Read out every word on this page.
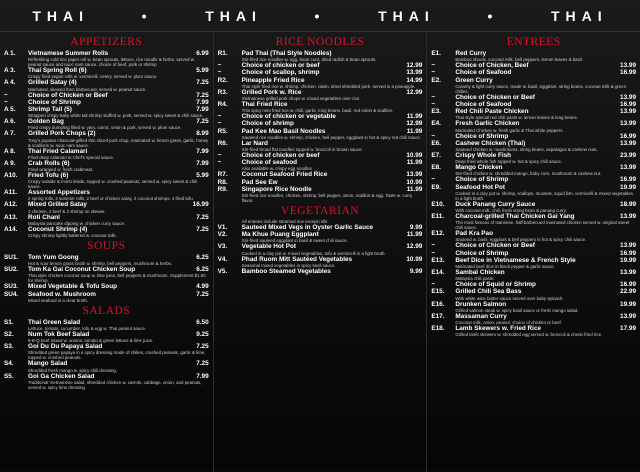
THAI	•	THAI	•	THAI	•	THAI
APPETIZERS
A 1.	Vietnamese Summer Rolls	6.99
Refreshing cold rice paper roll w. bean sprouts, lettuce, rice noodle & herbs, served w. peanut sauce and nuoc nam sauce, choice of beef, pork or shrimp
A 3.	Thai Spring Roll (6)	5.99
Crispy fried vegan rolls w. vermicelli, celery, served w. plum sauce.
A 4.	Grilled Satay (4)	7.25
Marinated, skewed then barbecued, served w. peanut sauce.
~	Choice of Chicken or Beef	7.25
~	Choice of Shrimp	7.99
A 5.	Shrimp Tail (5)	7.99
Wrapped crispy baby white tail shrimp stuffed w. pork, served w. spicy sweet & chili sauce.
A 6.	Golden Bag	7.25
Fried crispy dumpling filled w. yam, carrot, onion & pork, served w. plum sauce.
A 7.	Grilled Pork Chops (2)	8.99
Tony's popular charcoal-grilled thin sliced pork chop, marinated w. lemon grass, garlic, honey & scallions w. nuoc nam sauce.
A 8.	Thai Fried Calamari	7.99
Fried deep calamari in Chef's special sauce.
A 9.	Crab Rolls (6)	7.99
Fried wrapped w. fresh crabmeat.
A10.	Fried Tofu (6)	5.99
Crispy outside & moist inside, topped w. crushed peanuts, served w. spicy sweet & chili sauce.
A11.	Assorted Appetizers
2 spring rolls, 2 summer rolls, 2 beef or chicken satay, 2 coconut shrimps, 4 fried tofu.
A12.	Mixed Grilled Satay	16.99
2 chicken, 2 beef & 2 shrimp on skewer.
A13.	Roti Chanl	7.25
Malaysia pancake dipping w. chicken curry sauce.
A14.	Coconut Shrimp (4)	7.25
Crispy shrimp lightly battered w. coconut milk.
SOUPS
SU1.	Tom Yum Goong	6.25
Hot & sour lemon grass broth w. shrimp, bell peppers, mushroom & herbs.
SU2.	Tom Ka Gai Coconut Chicken Soup	6.25
Thai style chicken coconut soup w. lime juice, bell peppers & mushroom. Supplement $1.00 for shrimp.
SU3.	Mixed Vegetable & Tofu Soup	4.99
SU4.	Seafood w. Mushroom	7.25
Mixed seafood in a clear broth.
SALADS
S1.	Thai Green Salad	6.50
Lettuce, tomato, cucumber, tofu & egg w. Thai peanut sauce.
S2.	Num Tok Beef Salad	9.25
8-B-Q beef mixed w. onions, tomato & green lettuce & lime juice.
S3.	Goi Du Du Papaya Salad	7.25
Shredded green papaya in a spicy dressing made of chilies, crushed peanuts, garlic & lime, topped w. crushed peanuts.
S4.	Mango Salad	7.25
Shredded fresh mango w. spicy chili dressing.
S5.	Goi Ga Chicken Salad	7.99
Traditional Vietnamese salad, shredded chicken w. carrots, cabbage, onion, and peanuts, served w. spicy lime dressing.
RICE NOODLES
R1.	Pad Thai (Thai Style Noodles)
Stir-fried rice noodles w. egg, bean curd, dried radish & bean sprouts.
~	Choice of chicken or beef	12.99
~	Choice of scallop, shrimp	13.99
R2.	Pineapple Fried Rice	14.99
Thai style fried rice w. shrimp, chicken, raisin, dried shredded pork, served in a pineapple.
R3.	Grilled Pork w. Rice	12.99
Vietnamese grilled pork chops w. mixed vegetables over rice.
R4.	Thai Fried Rice
This spicy mint fried rice w. chili, garlic, long beans, basil, red onion & scallion.
~	Choice of chicken or vegetable	11.99
~	Choice of shrimp	12.99
R5.	Pad Kee Mao Basil Noodles	11.99
Sauteed rice noodles w. shrimp, chicken, bell pepper, eggplant in hot & spicy red chili sauce.
R6.	Lar Nard
Stir-fried broad flat noodles topped w. broccoli in brown sauce.
~	Choice of chicken or beef	10.99
~	Choice of seafood	11.99
Also available w. crispy egg noodles
R7.	Coconut Seafood Fried Rice	13.99
R8.	Pad See Ew	10.99
R9.	Singapore Rice Noodle	11.99
Stir-fried rice noodles, chicken, shrimp, bell pepper, onion, scallion & egg. Taste w. curry flavor.
VEGETARIAN
All entrees include steamed rice except rolls
V1.	Sauteed Mixed Vegs in Oyster Garlic Sauce	9.99
V2.	Ma Khue Puang Eggplant	11.99
Stir-fried sauteed eggplant in basil & sweet chili sauce.
V3.	Vegetable Hot Pot	12.99
Cooked in a clay pot w. mixed vegetables, tofu & vermicelli in a light broth.
V4.	Phad Ruom Mitt Sautéed Vegetables	10.99
Seasonal mixed vegetables in spicy basil sauce.
V5.	Bamboo Steamed Vegetables	9.99
ENTREES
E1.	Red Curry
Bamboo shoots, coconut milk, bell peppers, lemon leaves & basil.
~	Choice of Chicken, Beef	13.99
~	Choice of Seafood	16.99
E2.	Green Curry
Creamy & light curry sauce, made w. basil, eggplant, string beans, coconut milk & green chilies.
~	Choice of Chicken or Beef	13.99
~	Choice of Seafood	16.99
E3.	Red Chili Paste Chicken	13.99
Thai style special red chili paste w. lemon leaves & long beans.
E4.	Fresh Garlic Chicken	13.99
Marinated Chicken w. fresh garlic & Thai white peppers.
~	Choice of Shrimp	16.99
E6.	Cashew Chicken (Thai)	13.99
Sauteed chicken w. mushrooms, string beans, asparagus & cashew nuts.
E7.	Crispy Whole Fish	23.99
Deep fried whole fish topped w. hot & spicy chili sauce.
E8.	Mango Chicken	13.99
Stir-fried chicken w. shredded mango, baby corn, mushroom & cashew nut.
~	Choice of Shrimp	16.99
E9.	Seafood Hot Pot	19.99
Cooked in a clay pot w. shrimp, scallops, mussels, squid fish, vermicelli & mixed vegetables in a light broth.
E10.	Duck Panang Curry Sauce	18.99
With coconut milk, chili, fresh string bean & panang curry.
E11.	Charcoal-grilled Thai Chicken Gai Yang	13.99
The most famous of Isannese, half barbecued marinated chicken served w. original sweet chili sauce.
E12.	Pad Kra Pao
Sauteed w. basil, eggplant & bell peppers in hot & spicy chili sauce.
~	Choice of Chicken or Beef	13.99
~	Choice of Shrimp	16.99
E13.	Beef Dice in Vietnamese & French Style	19.99
Marinated beef dice in black pepper & garlic sauce.
E14.	Sambal Chicken	13.99
Malaysia chili paste.
~	Choice of Squid or Shrimp	16.99
E15.	Grilled Chili Sea Bass	22.99
With white wine butter sauce served over baby spinach.
E16.	Drunken Salmon	19.99
Grilled salmon steak w. spicy basil sauce or fresh mango salad.
E17.	Massaman Curry	13.99
Coconut milk, onion, peanut, choice of chicken or beef.
E18.	Lamb Skewers w. Fried Rice	17.99
Grilled lamb skewers w. shredded egg served w. broccoli & chedo fried rice.
